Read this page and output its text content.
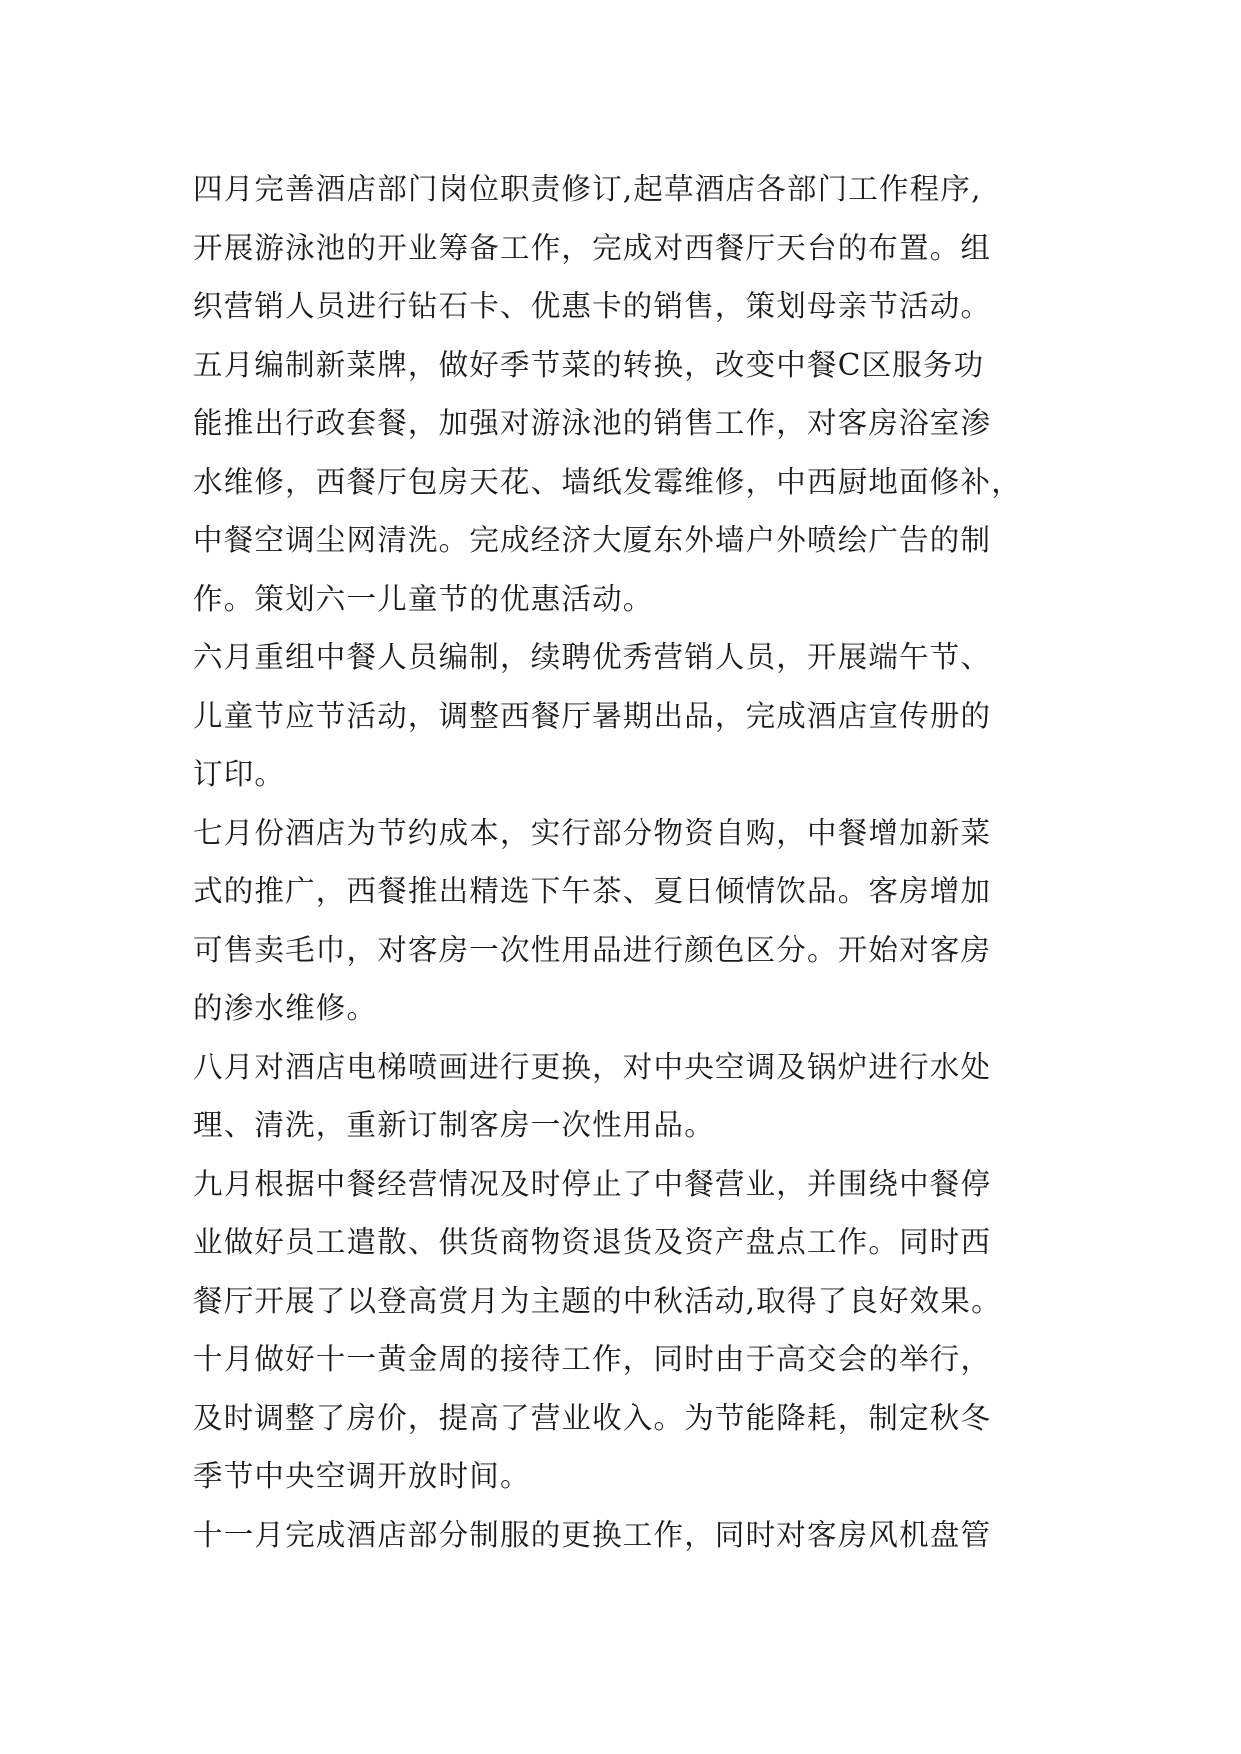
四月完善酒店部门岗位职责修订,起草酒店各部门工作程序,
开展游泳池的开业筹备工作，完成对西餐厅天台的布置。组
织营销人员进行钻石卡、优惠卡的销售，策划母亲节活动。
五月编制新菜牌，做好季节菜的转换，改变中餐C区服务功
能推出行政套餐，加强对游泳池的销售工作，对客房浴室渗
水维修，西餐厅包房天花、墙纸发霉维修，中西厨地面修补，
中餐空调尘网清洗。完成经济大厦东外墙户外喷绘广告的制
作。策划六一儿童节的优惠活动。
六月重组中餐人员编制，续聘优秀营销人员，开展端午节、
儿童节应节活动，调整西餐厅暑期出品，完成酒店宣传册的
订印。
七月份酒店为节约成本，实行部分物资自购，中餐增加新菜
式的推广，西餐推出精选下午茶、夏日倾情饮品。客房增加
可售卖毛巾，对客房一次性用品进行颜色区分。开始对客房
的渗水维修。
八月对酒店电梯喷画进行更换，对中央空调及锅炉进行水处
理、清洗，重新订制客房一次性用品。
九月根据中餐经营情况及时停止了中餐营业，并围绕中餐停
业做好员工遣散、供货商物资退货及资产盘点工作。同时西
餐厅开展了以登高赏月为主题的中秋活动,取得了良好效果。
十月做好十一黄金周的接待工作，同时由于高交会的举行，
及时调整了房价，提高了营业收入。为节能降耗，制定秋冬
季节中央空调开放时间。
十一月完成酒店部分制服的更换工作，同时对客房风机盘管
